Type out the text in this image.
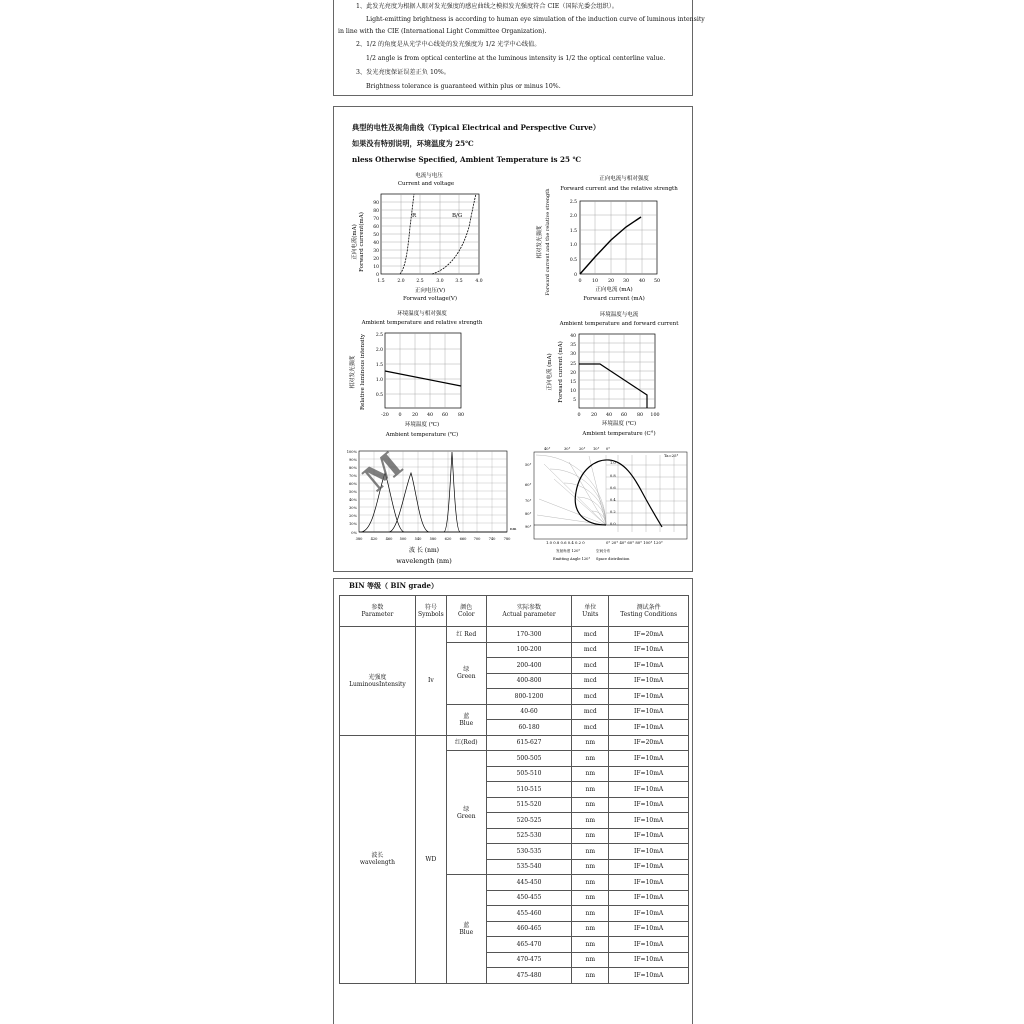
1、此发光亮度为根据人眼对发光强度的感应曲线之模拟发光强度符合 CIE（国际光委会组织）。
Light-emitting brightness is according to human eye simulation of the induction curve of luminous intensity
in line with the CIE (International Light Committee Organization).
2、1/2 的角度是从光学中心线处的发光强度为 1/2 光学中心线值。
1/2 angle is from optical centerline at the luminous intensity is 1/2 the optical centerline value.
3、发光亮度保证误差正负 10%。
Brightness tolerance is guaranteed within plus or minus 10%.
典型的电性及视角曲线（Typical Electrical and Perspective Curve）
如果没有特别说明，环境温度为 25℃
nless Otherwise Specified, Ambient Temperature is 25 ℃
电流与电压
Current and voltage
R	B/G
90
80
70
60
50
40
30
20
10
0
1.5	2.0	2.5	3.0	3.5	4.0
正向电压(V)
Forward voltage(V)
正向电流(mA) Forward current(mA)
正向电流与相对强度
Forward current and the relative strength
2.5
2.0
1.5
1.0
0.5
0
0 10 20 30 40 50
正向电流 (mA)
Forward current (mA)
相对发光强度 Forward current and the relative strength
环境温度与相对强度
Ambient temperature and relative strength
2.5
2.0
1.5
1.0
0.5
-20 0 20 40 60 80
环境温度 (℃)
Ambient temperature (℃)
相对发光强度 Relative luminous intensity
环境温度与电流
Ambient temperature and forward current
40
35
30
25
20
15
10
5
0 20 40 60 80 100
环境温度 (℃)
Ambient temperature (C°)
正向电流 (mA) Forward current (mA)
M
100%
90%
80%
70%
60%
50%
40%
30%
20%
10%
0%
380 420 460 500 540 580 620 660 700 740 780
nm
波 长 (nm)
wavelength (nm)
Ta=25°
40°	30° 20° 10° 0°
50°
60°
70°
80°
90°
1.0
0.8
0.6
0.4
0.2
0.0
1.0 0.8 0.6 0.4 0.2 0	0° 20° 40° 60° 80° 100° 120°
发射角度 120°	空间分布
Emitting Angle 120° Space distribution
BIN 等级（ BIN grade）
参数
Parameter	符号
Symbols	颜色
Color	实际参数
Actual parameter	单位
Units	测试条件
Testing Conditions
光强度
LuminousIntensity	Iv	红 Red	170-300	mcd	IF=20mA
		绿
Green	100-200	mcd	IF=10mA
			200-400	mcd	IF=10mA
			400-800	mcd	IF=10mA
			800-1200	mcd	IF=10mA
		蓝
Blue	40-60	mcd	IF=10mA
			60-180	mcd	IF=10mA
波长
wavelength	WD	红(Red)	615-627	nm	IF=20mA
		绿
Green	500-505	nm	IF=10mA
			505-510	nm	IF=10mA
			510-515	nm	IF=10mA
			515-520	nm	IF=10mA
			520-525	nm	IF=10mA
			525-530	nm	IF=10mA
			530-535	nm	IF=10mA
			535-540	nm	IF=10mA
		蓝
Blue	445-450	nm	IF=10mA
			450-455	nm	IF=10mA
			455-460	nm	IF=10mA
			460-465	nm	IF=10mA
			465-470	nm	IF=10mA
			470-475	nm	IF=10mA
			475-480	nm	IF=10mA
